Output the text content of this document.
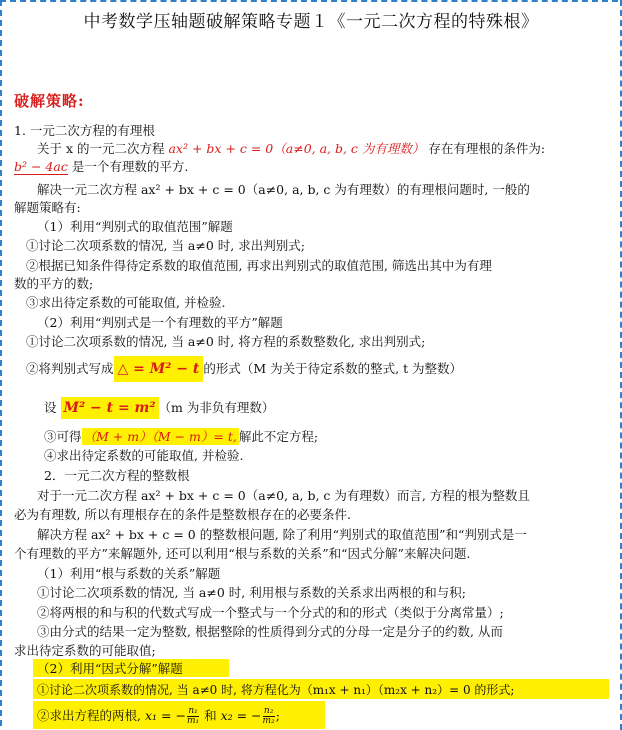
中考数学压轴题破解策略专题１《一元二次方程的特殊根》
破解策略:
1. 一元二次方程的有理根
关于 x 的一元二次方程 ax² + bx + c = 0（a≠0, a, b, c 为有理数） 存在有理根的条件为:
b² − 4ac 是一个有理数的平方.
解决一元二次方程 ax² + bx + c = 0（a≠0, a, b, c 为有理数）的有理根问题时, 一般的
解题策略有:
（1）利用“判别式的取值范围”解题
①讨论二次项系数的情况, 当 a≠0 时, 求出判别式;
②根据已知条件得待定系数的取值范围, 再求出判别式的取值范围, 筛选出其中为有理
数的平方的数;
③求出待定系数的可能取值, 并检验.
（2）利用“判别式是一个有理数的平方”解题
①讨论二次项系数的情况, 当 a≠0 时, 将方程的系数整数化, 求出判别式;
②将判别式写成 △ = M² − t 的形式（M 为关于待定系数的整式, t 为整数）
设 M² − t = m² （m 为非负有理数）
③可得 （M + m）（M − m）= t, 解此不定方程;
④求出待定系数的可能取值, 并检验.
2．一元二次方程的整数根
对于一元二次方程 ax² + bx + c = 0（a≠0, a, b, c 为有理数）而言, 方程的根为整数且
必为有理数, 所以有理根存在的条件是整数根存在的必要条件.
解决方程 ax² + bx + c = 0 的整数根问题, 除了利用“判别式的取值范围”和“判别式是一
个有理数的平方”来解题外, 还可以利用“根与系数的关系”和“因式分解”来解决问题.
（1）利用“根与系数的关系”解题
①讨论二次项系数的情况, 当 a≠0 时, 利用根与系数的关系求出两根的和与积;
②将两根的和与积的代数式写成一个整式与一个分式的和的形式（类似于分离常量）;
③由分式的结果一定为整数, 根据整除的性质得到分式的分母一定是分子的约数, 从而
求出待定系数的可能取值;
（2）利用“因式分解”解题
①讨论二次项系数的情况, 当 a≠0 时, 将方程化为（m₁x + n₁）（m₂x + n₂）= 0 的形式;
②求出方程的两根, x₁ = − $\frac{\text{n₁}}{\text{m₁}}$ 和 x₂ = − $\frac{\text{n₂}}{\text{m₂}}$ ;
